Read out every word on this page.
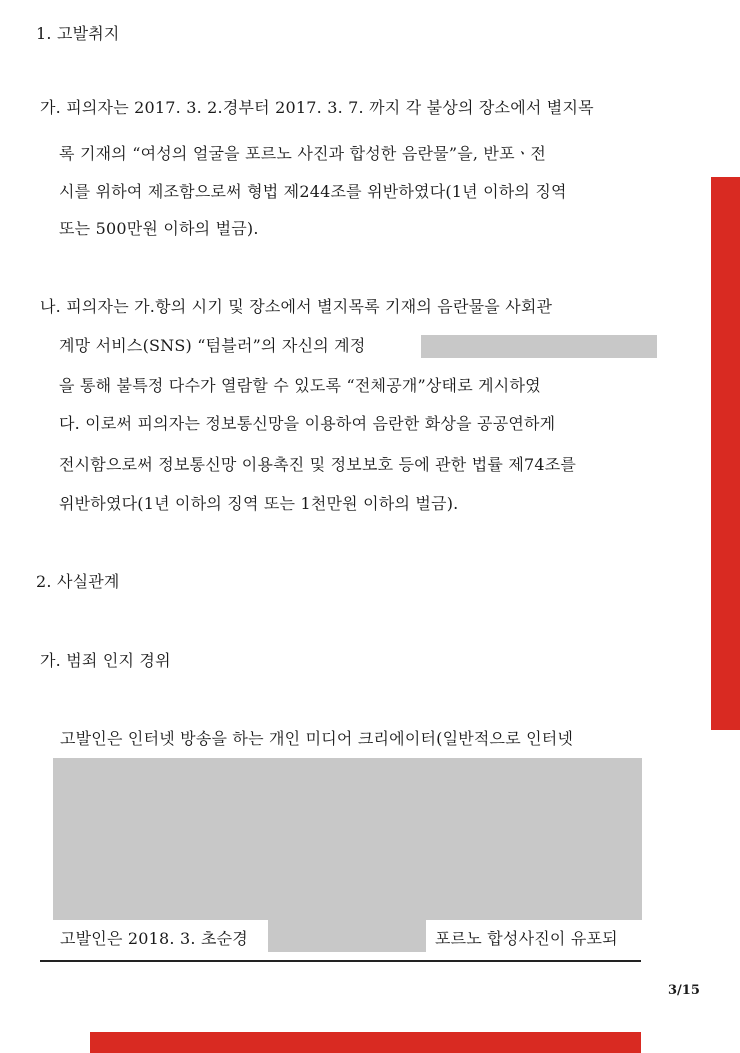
1. 고발취지
가. 피의자는 2017. 3. 2.경부터 2017. 3. 7. 까지 각 불상의 장소에서 별지목
록 기재의 “여성의 얼굴을 포르노 사진과 합성한 음란물”을, 반포ㆍ전
시를 위하여 제조함으로써 형법 제244조를 위반하였다(1년 이하의 징역
또는 500만원 이하의 벌금).
나. 피의자는 가.항의 시기 및 장소에서 별지목록 기재의 음란물을 사회관
계망 서비스(SNS) “텀블러”의 자신의 계정
을 통해 불특정 다수가 열람할 수 있도록 “전체공개”상태로 게시하였
다. 이로써 피의자는 정보통신망을 이용하여 음란한 화상을 공공연하게
전시함으로써 정보통신망 이용촉진 및 정보보호 등에 관한 법률 제74조를
위반하였다(1년 이하의 징역 또는 1천만원 이하의 벌금).
2. 사실관계
가. 범죄 인지 경위
고발인은 인터넷 방송을 하는 개인 미디어 크리에이터(일반적으로 인터넷
고발인은 2018. 3. 초순경	포르노 합성사진이 유포되
3/15
